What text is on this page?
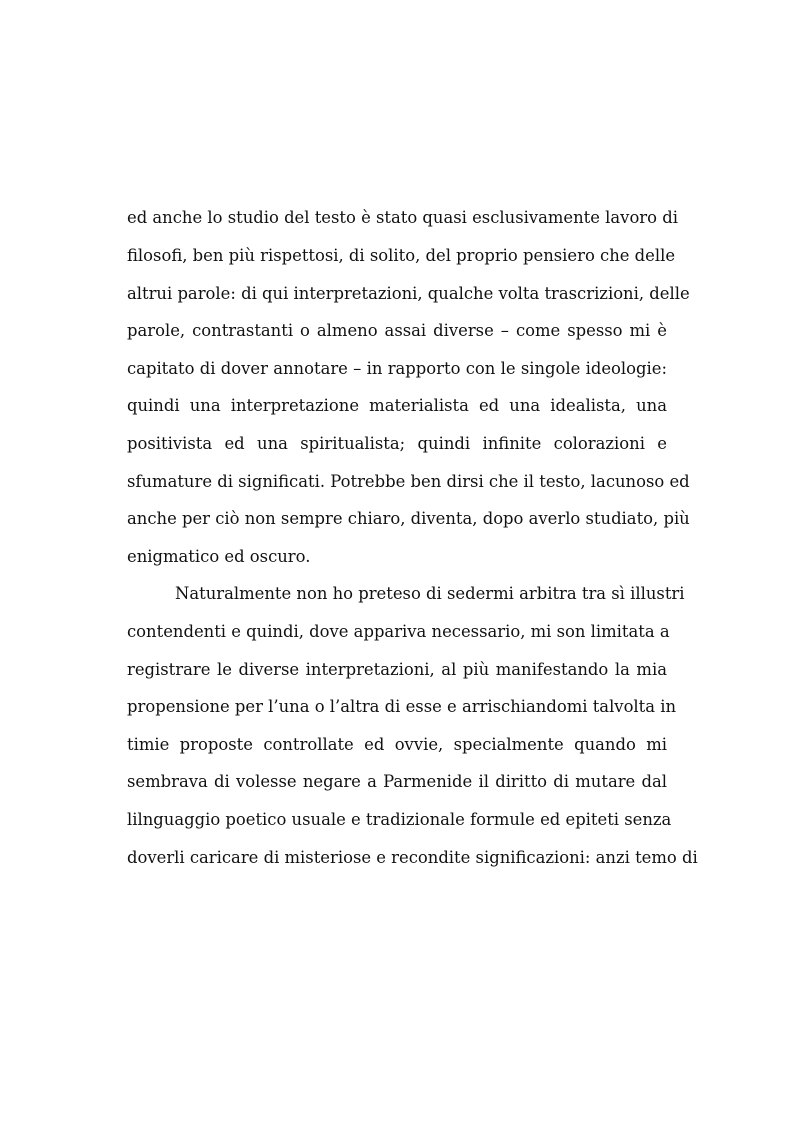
ed anche lo studio del testo è stato quasi esclusivamente lavoro di
filosofi, ben più rispettosi, di solito, del proprio pensiero che delle
altrui parole: di qui interpretazioni, qualche volta trascrizioni, delle
parole, contrastanti o almeno assai diverse – come spesso mi è
capitato di dover annotare – in rapporto con le singole ideologie:
quindi una interpretazione materialista ed una idealista, una
positivista ed una spiritualista; quindi infinite colorazioni e
sfumature di significati. Potrebbe ben dirsi che il testo, lacunoso ed
anche per ciò non sempre chiaro, diventa, dopo averlo studiato, più
enigmatico ed oscuro.
Naturalmente non ho preteso di sedermi arbitra tra sì illustri
contendenti e quindi, dove appariva necessario, mi son limitata a
registrare le diverse interpretazioni, al più manifestando la mia
propensione per l’una o l’altra di esse e arrischiandomi talvolta in
timie proposte controllate ed ovvie, specialmente quando mi
sembrava di volesse negare a Parmenide il diritto di mutare dal
lilnguaggio poetico usuale e tradizionale formule ed epiteti senza
doverli caricare di misteriose e recondite significazioni: anzi temo di
